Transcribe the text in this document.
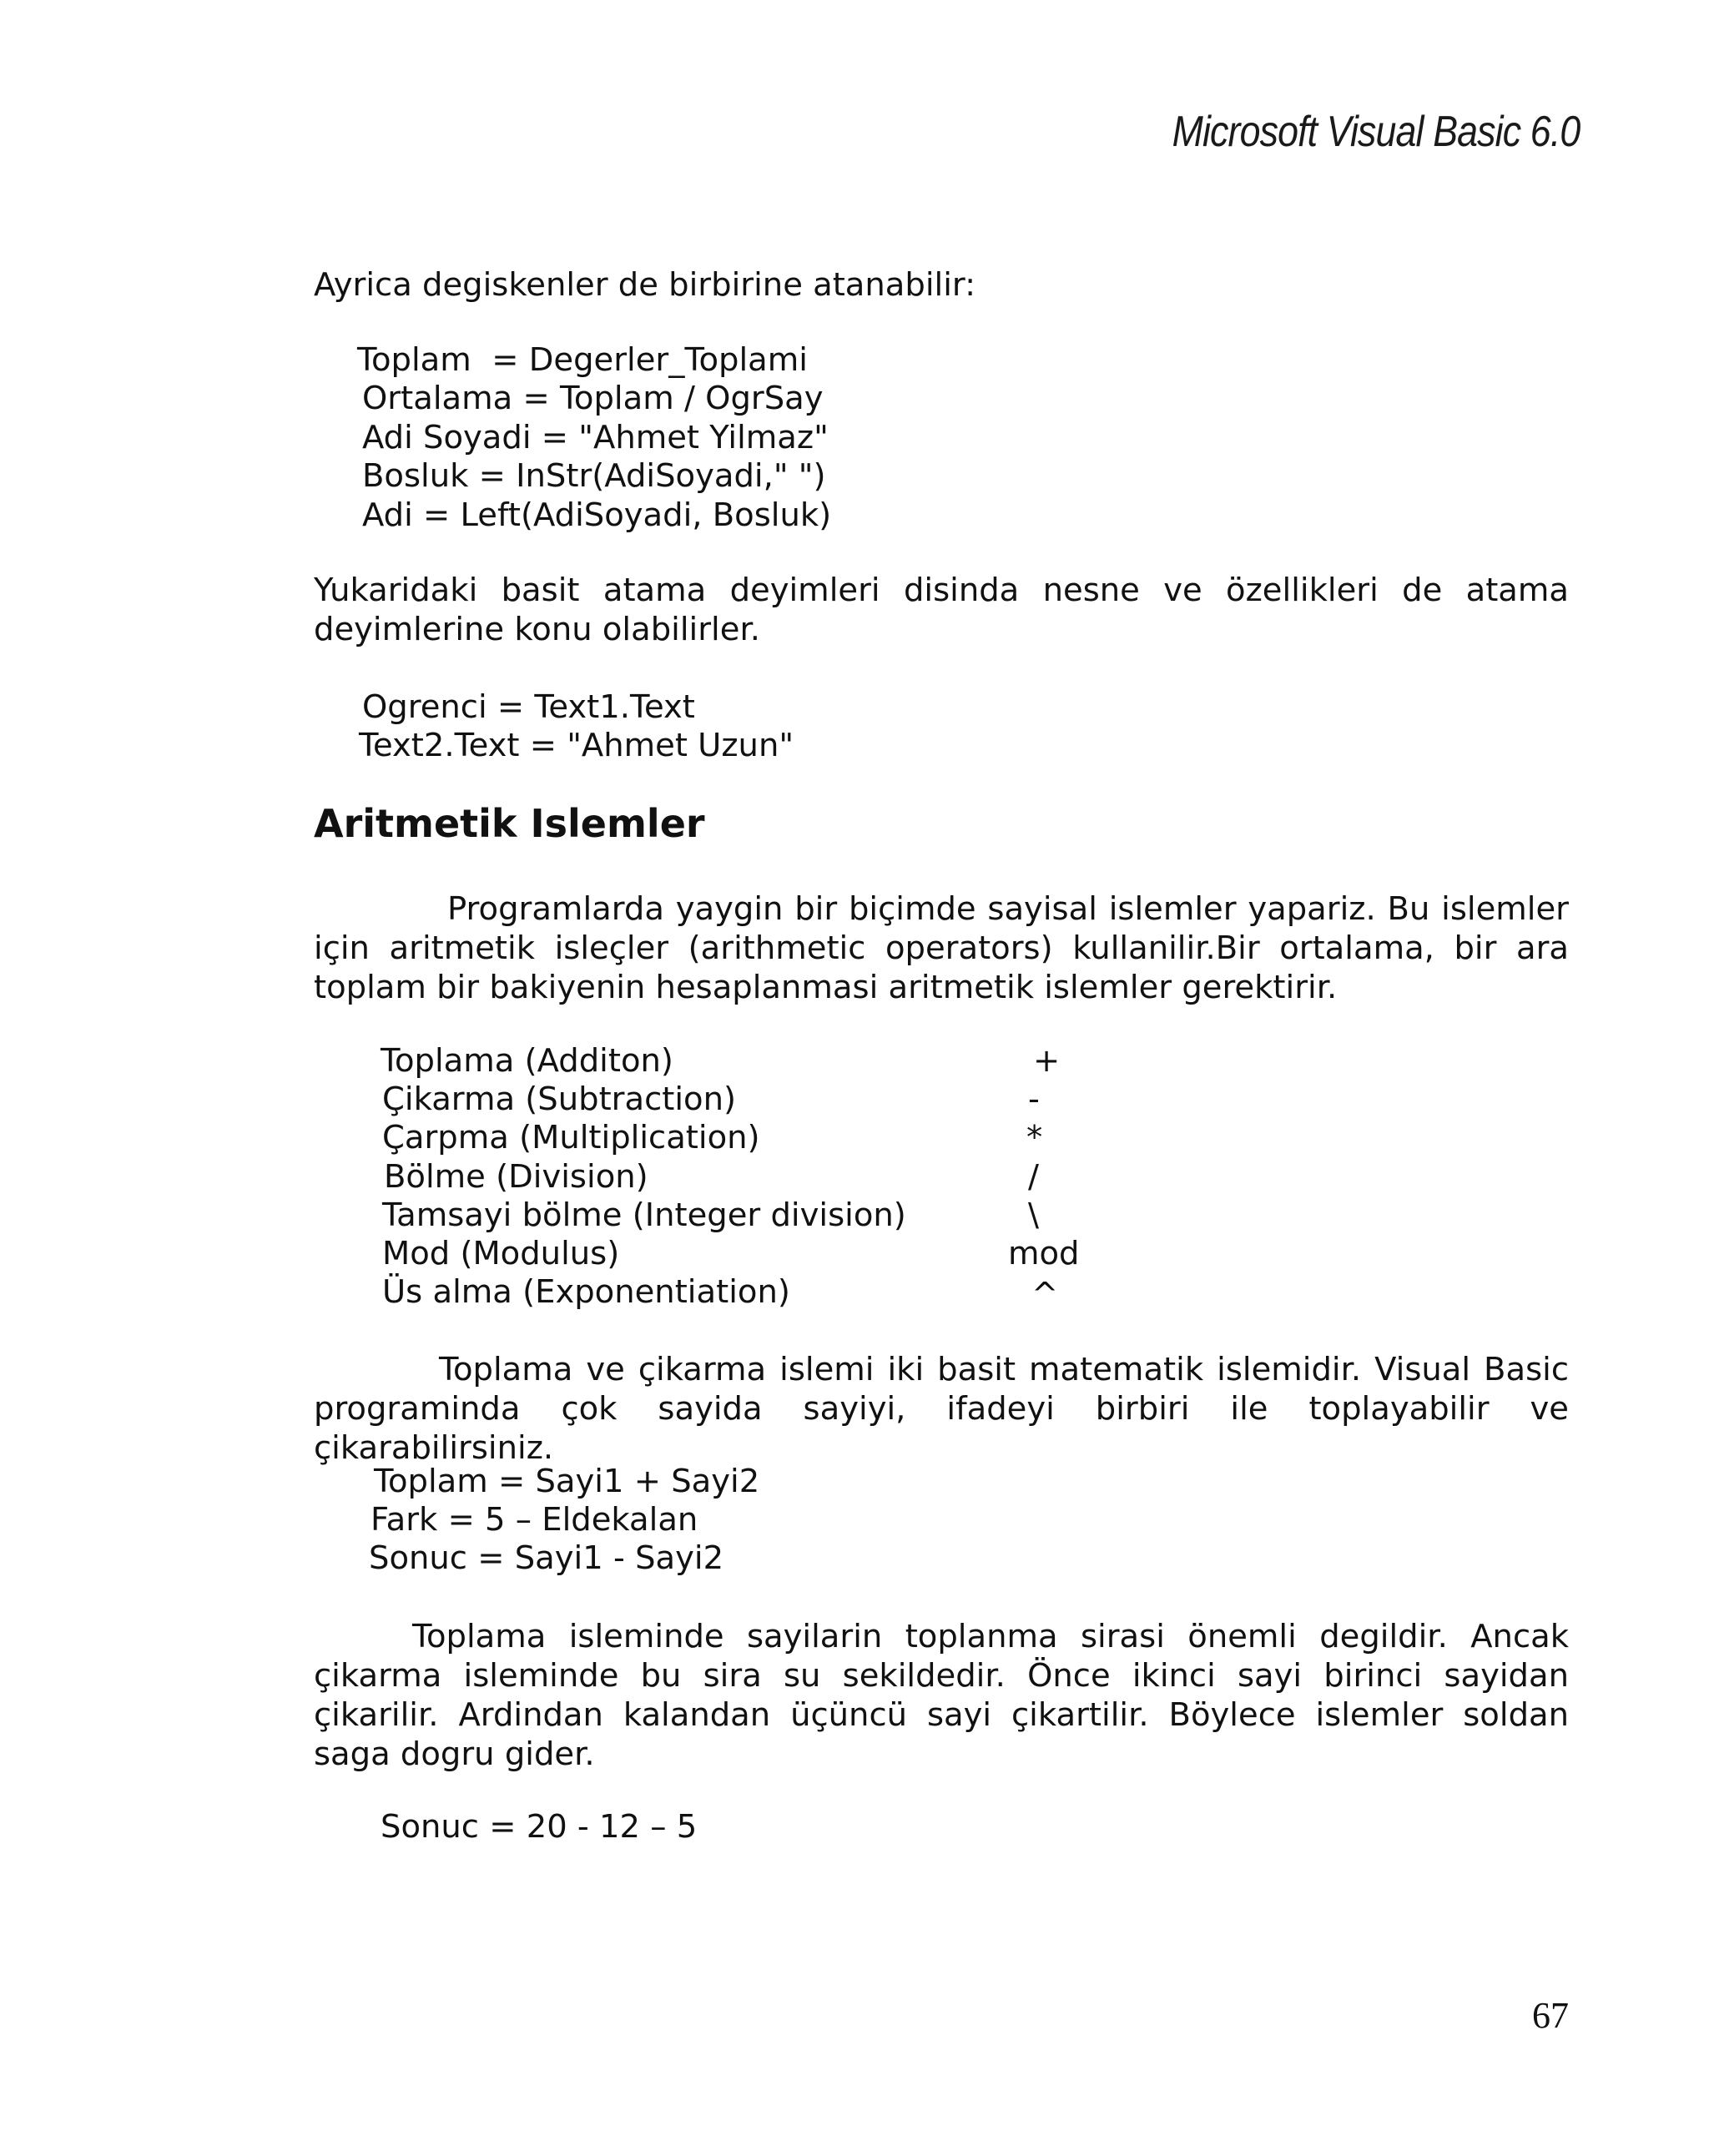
Microsoft Visual Basic 6.0
Ayrica degiskenler de birbirine atanabilir:
Toplam  = Degerler_Toplami
Ortalama = Toplam / OgrSay
Adi Soyadi = "Ahmet Yilmaz"
Bosluk = InStr(AdiSoyadi," ")
Adi = Left(AdiSoyadi, Bosluk)
Yukaridaki basit atama deyimleri disinda nesne ve özellikleri de atama deyimlerine konu olabilirler.
Ogrenci = Text1.Text
Text2.Text = "Ahmet Uzun"
Aritmetik Islemler
Programlarda yaygin bir biçimde sayisal islemler yapariz. Bu islemler için aritmetik isleçler (arithmetic operators) kullanilir.Bir ortalama, bir ara toplam bir bakiyenin hesaplanmasi aritmetik islemler gerektirir.
Toplama (Additon)	+
Çikarma (Subtraction)	-
Çarpma (Multiplication)	*
Bölme (Division)	/
Tamsayi bölme (Integer division)	\
Mod (Modulus)	mod
Üs alma (Exponentiation)	^
Toplama ve çikarma islemi iki basit matematik islemidir. Visual Basic programinda çok sayida sayiyi, ifadeyi birbiri ile toplayabilir ve çikarabilirsiniz.
Toplam = Sayi1 + Sayi2
Fark = 5 – Eldekalan
Sonuc = Sayi1 - Sayi2
Toplama isleminde sayilarin toplanma sirasi önemli degildir. Ancak çikarma isleminde bu sira su sekildedir. Önce ikinci sayi birinci sayidan çikarilir. Ardindan kalandan üçüncü sayi çikartilir. Böylece islemler soldan saga dogru gider.
Sonuc = 20 - 12 – 5
67
